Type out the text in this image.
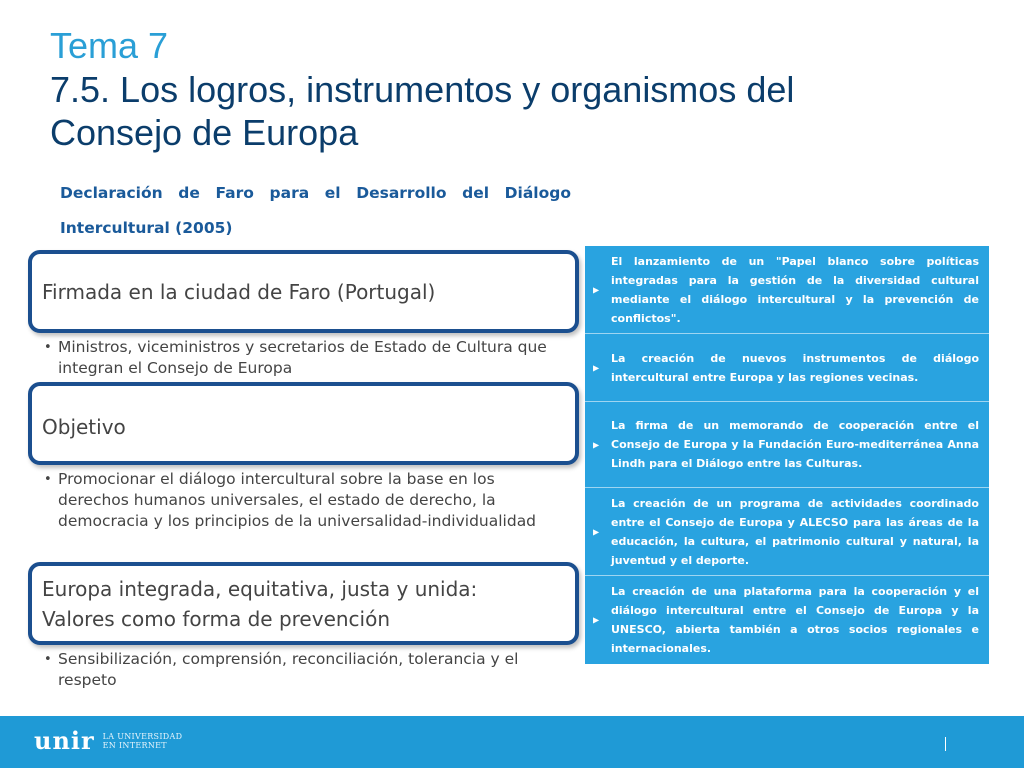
Tema 7
7.5. Los logros, instrumentos y organismos del
Consejo de Europa
Declaración de Faro para el Desarrollo del Diálogo Intercultural (2005)
Firmada en la ciudad de Faro (Portugal)
• Ministros, viceministros y secretarios de Estado de Cultura que integran el Consejo de Europa
Objetivo
• Promocionar el diálogo intercultural sobre la base en los derechos humanos universales, el estado de derecho, la democracia y los principios de la universalidad-individualidad
Europa integrada, equitativa, justa y unida:
Valores como forma de prevención
• Sensibilización, comprensión, reconciliación, tolerancia y el respeto
▶
El lanzamiento de un "Papel blanco sobre políticas integradas para la gestión de la diversidad cultural mediante el diálogo intercultural y la prevención de conflictos".
▶
La creación de nuevos instrumentos de diálogo intercultural entre Europa y las regiones vecinas.
▶
La firma de un memorando de cooperación entre el Consejo de Europa y la Fundación Euro-mediterránea Anna Lindh para el Diálogo entre las Culturas.
▶
La creación de un programa de actividades coordinado entre el Consejo de Europa y ALECSO para las áreas de la educación, la cultura, el patrimonio cultural y natural, la juventud y el deporte.
▶
La creación de una plataforma para la cooperación y el diálogo intercultural entre el Consejo de Europa y la UNESCO, abierta también a otros socios regionales e internacionales.
unir LA UNIVERSIDAD
EN INTERNET
